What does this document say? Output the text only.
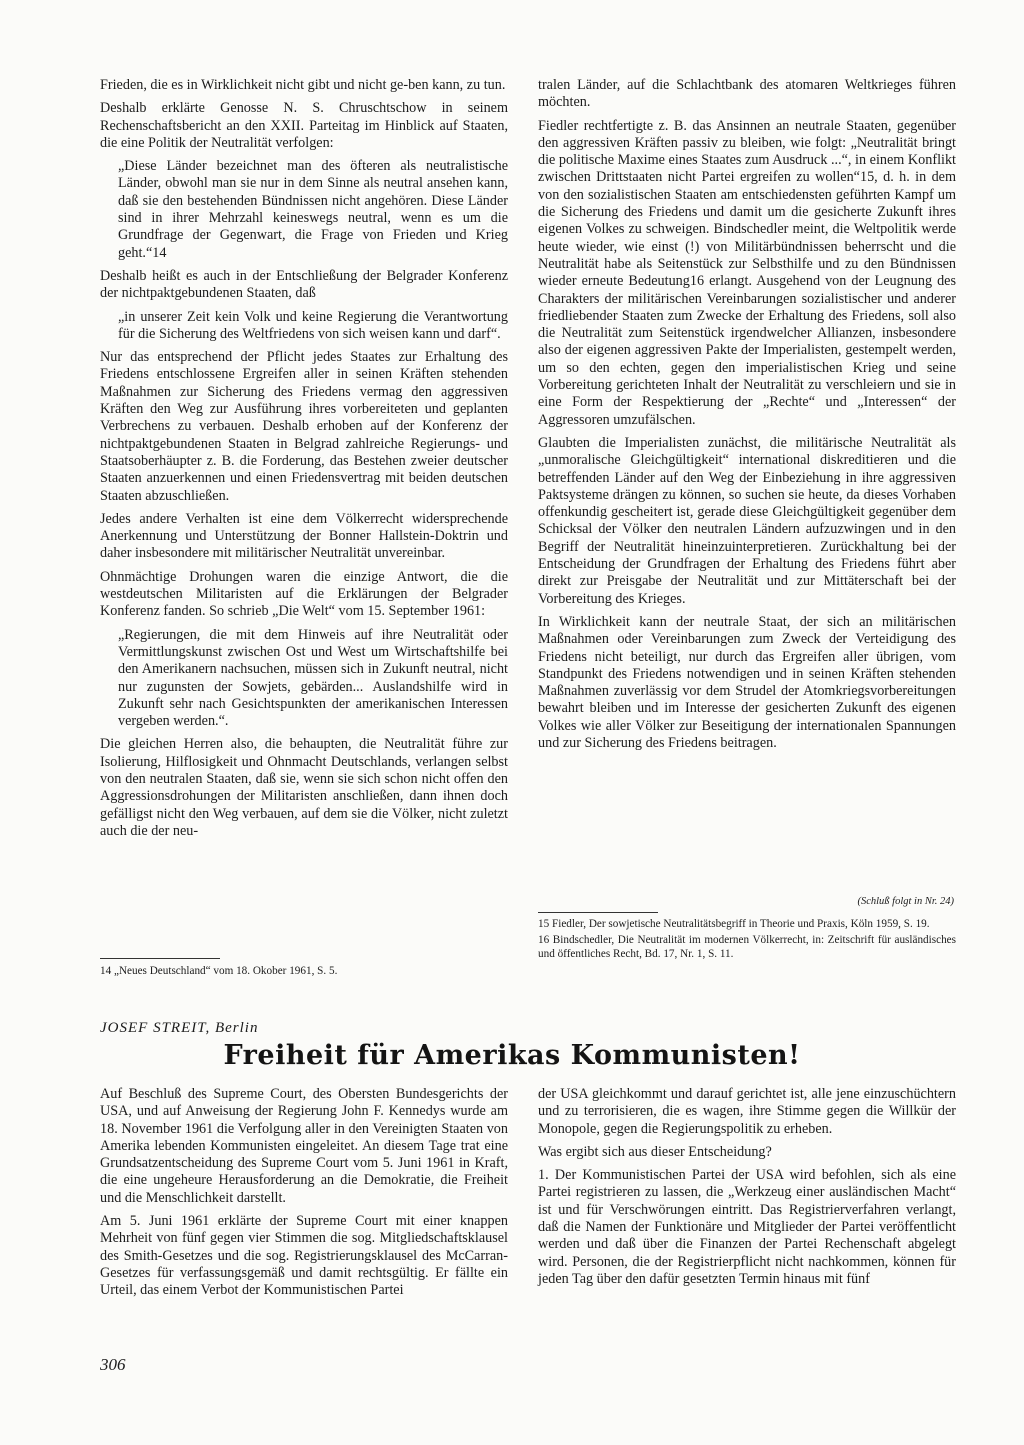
Frieden, die es in Wirklichkeit nicht gibt und nicht ge-ben kann, zu tun.

Deshalb erklärte Genosse N. S. Chruschtschow in seinem Rechenschaftsbericht an den XXII. Parteitag im Hinblick auf Staaten, die eine Politik der Neutralität verfolgen:

„Diese Länder bezeichnet man des öfteren als neutralistische Länder, obwohl man sie nur in dem Sinne als neutral ansehen kann, daß sie den bestehenden Bündnissen nicht angehören. Diese Länder sind in ihrer Mehrzahl keineswegs neutral, wenn es um die Grundfrage der Gegenwart, die Frage von Frieden und Krieg geht.“14

Deshalb heißt es auch in der Entschließung der Belgrader Konferenz der nichtpaktgebundenen Staaten, daß

„in unserer Zeit kein Volk und keine Regierung die Verantwortung für die Sicherung des Weltfriedens von sich weisen kann und darf“.

Nur das entsprechend der Pflicht jedes Staates zur Erhaltung des Friedens entschlossene Ergreifen aller in seinen Kräften stehenden Maßnahmen zur Sicherung des Friedens vermag den aggressiven Kräften den Weg zur Ausführung ihres vorbereiteten und geplanten Verbrechens zu verbauen. Deshalb erhoben auf der Konferenz der nichtpaktgebundenen Staaten in Belgrad zahlreiche Regierungs- und Staatsoberhäupter z. B. die Forderung, das Bestehen zweier deutscher Staaten anzuerkennen und einen Friedensvertrag mit beiden deutschen Staaten abzuschließen.

Jedes andere Verhalten ist eine dem Völkerrecht widersprechende Anerkennung und Unterstützung der Bonner Hallstein-Doktrin und daher insbesondere mit militärischer Neutralität unvereinbar.

Ohnmächtige Drohungen waren die einzige Antwort, die die westdeutschen Militaristen auf die Erklärungen der Belgrader Konferenz fanden. So schrieb „Die Welt“ vom 15. September 1961:

„Regierungen, die mit dem Hinweis auf ihre Neutralität oder Vermittlungskunst zwischen Ost und West um Wirtschaftshilfe bei den Amerikanern nachsuchen, müssen sich in Zukunft neutral, nicht nur zugunsten der Sowjets, gebärden... Auslandshilfe wird in Zukunft sehr nach Gesichtspunkten der amerikanischen Interessen vergeben werden.“.

Die gleichen Herren also, die behaupten, die Neutralität führe zur Isolierung, Hilflosigkeit und Ohnmacht Deutschlands, verlangen selbst von den neutralen Staaten, daß sie, wenn sie sich schon nicht offen den Aggressionsdrohungen der Militaristen anschließen, dann ihnen doch gefälligst nicht den Weg verbauen, auf dem sie die Völker, nicht zuletzt auch die der neu-

14 „Neues Deutschland“ vom 18. Okober 1961, S. 5.

tralen Länder, auf die Schlachtbank des atomaren Weltkrieges führen möchten.

Fiedler rechtfertigte z. B. das Ansinnen an neutrale Staaten, gegenüber den aggressiven Kräften passiv zu bleiben, wie folgt: „Neutralität bringt die politische Maxime eines Staates zum Ausdruck ...“, in einem Konflikt zwischen Drittstaaten nicht Partei ergreifen zu wollen“15, d. h. in dem von den sozialistischen Staaten am entschiedensten geführten Kampf um die Sicherung des Friedens und damit um die gesicherte Zukunft ihres eigenen Volkes zu schweigen. Bindschedler meint, die Weltpolitik werde heute wieder, wie einst (!) von Militärbündnissen beherrscht und die Neutralität habe als Seitenstück zur Selbsthilfe und zu den Bündnissen wieder erneute Bedeutung16 erlangt. Ausgehend von der Leugnung des Charakters der militärischen Vereinbarungen sozialistischer und anderer friedliebender Staaten zum Zwecke der Erhaltung des Friedens, soll also die Neutralität zum Seitenstück irgendwelcher Allianzen, insbesondere also der eigenen aggressiven Pakte der Imperialisten, gestempelt werden, um so den echten, gegen den imperialistischen Krieg und seine Vorbereitung gerichteten Inhalt der Neutralität zu verschleiern und sie in eine Form der Respektierung der „Rechte“ und „Interessen“ der Aggressoren umzufälschen.

Glaubten die Imperialisten zunächst, die militärische Neutralität als „unmoralische Gleichgültigkeit“ international diskreditieren und die betreffenden Länder auf den Weg der Einbeziehung in ihre aggressiven Paktsysteme drängen zu können, so suchen sie heute, da dieses Vorhaben offenkundig gescheitert ist, gerade diese Gleichgültigkeit gegenüber dem Schicksal der Völker den neutralen Ländern aufzuzwingen und in den Begriff der Neutralität hineinzuinterpretieren. Zurückhaltung bei der Entscheidung der Grundfragen der Erhaltung des Friedens führt aber direkt zur Preisgabe der Neutralität und zur Mittäterschaft bei der Vorbereitung des Krieges.

In Wirklichkeit kann der neutrale Staat, der sich an militärischen Maßnahmen oder Vereinbarungen zum Zweck der Verteidigung des Friedens nicht beteiligt, nur durch das Ergreifen aller übrigen, vom Standpunkt des Friedens notwendigen und in seinen Kräften stehenden Maßnahmen zuverlässig vor dem Strudel der Atomkriegsvorbereitungen bewahrt bleiben und im Interesse der gesicherten Zukunft des eigenen Volkes wie aller Völker zur Beseitigung der internationalen Spannungen und zur Sicherung des Friedens beitragen.

(Schluß folgt in Nr. 24)

15 Fiedler, Der sowjetische Neutralitätsbegriff in Theorie und Praxis, Köln 1959, S. 19.

16 Bindschedler, Die Neutralität im modernen Völkerrecht, in: Zeitschrift für ausländisches und öffentliches Recht, Bd. 17, Nr. 1, S. 11.

JOSEF STREIT, Berlin
Freiheit für Amerikas Kommunisten!

Auf Beschluß des Supreme Court, des Obersten Bundesgerichts der USA, und auf Anweisung der Regierung John F. Kennedys wurde am 18. November 1961 die Verfolgung aller in den Vereinigten Staaten von Amerika lebenden Kommunisten eingeleitet. An diesem Tage trat eine Grundsatzentscheidung des Supreme Court vom 5. Juni 1961 in Kraft, die eine ungeheure Herausforderung an die Demokratie, die Freiheit und die Menschlichkeit darstellt.

Am 5. Juni 1961 erklärte der Supreme Court mit einer knappen Mehrheit von fünf gegen vier Stimmen die sog. Mitgliedschaftsklausel des Smith-Gesetzes und die sog. Registrierungsklausel des McCarran-Gesetzes für verfassungsgemäß und damit rechtsgültig. Er fällte ein Urteil, das einem Verbot der Kommunistischen Partei

der USA gleichkommt und darauf gerichtet ist, alle jene einzuschüchtern und zu terrorisieren, die es wagen, ihre Stimme gegen die Willkür der Monopole, gegen die Regierungspolitik zu erheben.

Was ergibt sich aus dieser Entscheidung?

1. Der Kommunistischen Partei der USA wird befohlen, sich als eine Partei registrieren zu lassen, die „Werkzeug einer ausländischen Macht“ ist und für Verschwörungen eintritt. Das Registrierverfahren verlangt, daß die Namen der Funktionäre und Mitglieder der Partei veröffentlicht werden und daß über die Finanzen der Partei Rechenschaft abgelegt wird. Personen, die der Registrierpflicht nicht nachkommen, können für jeden Tag über den dafür gesetzten Termin hinaus mit fünf

306
